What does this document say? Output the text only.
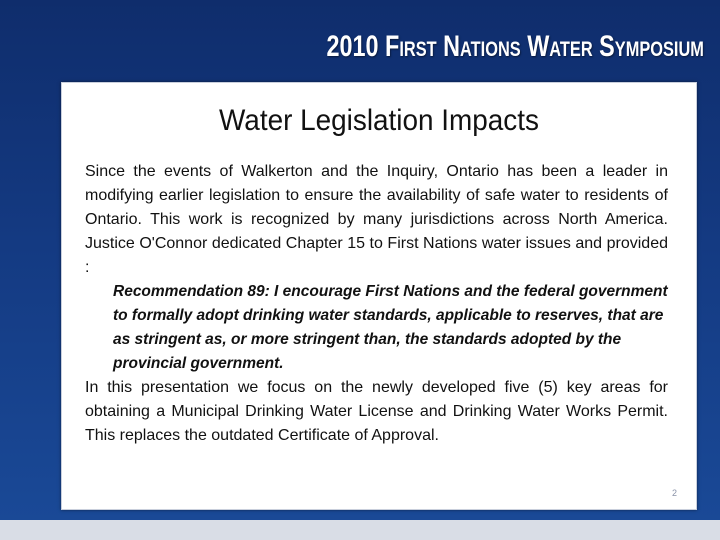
2010 First Nations Water Symposium
Water Legislation Impacts

Since the events of Walkerton and the Inquiry, Ontario has been a leader in modifying earlier legislation to ensure the availability of safe water to residents of Ontario. This work is recognized by many jurisdictions across North America. Justice O'Connor dedicated Chapter 15 to First Nations water issues and provided :

Recommendation 89: I encourage First Nations and the federal government to formally adopt drinking water standards, applicable to reserves, that are as stringent as, or more stringent than, the standards adopted by the provincial government.

In this presentation we focus on the newly developed five (5) key areas for obtaining a Municipal Drinking Water License and Drinking Water Works Permit. This replaces the outdated Certificate of Approval.

2
